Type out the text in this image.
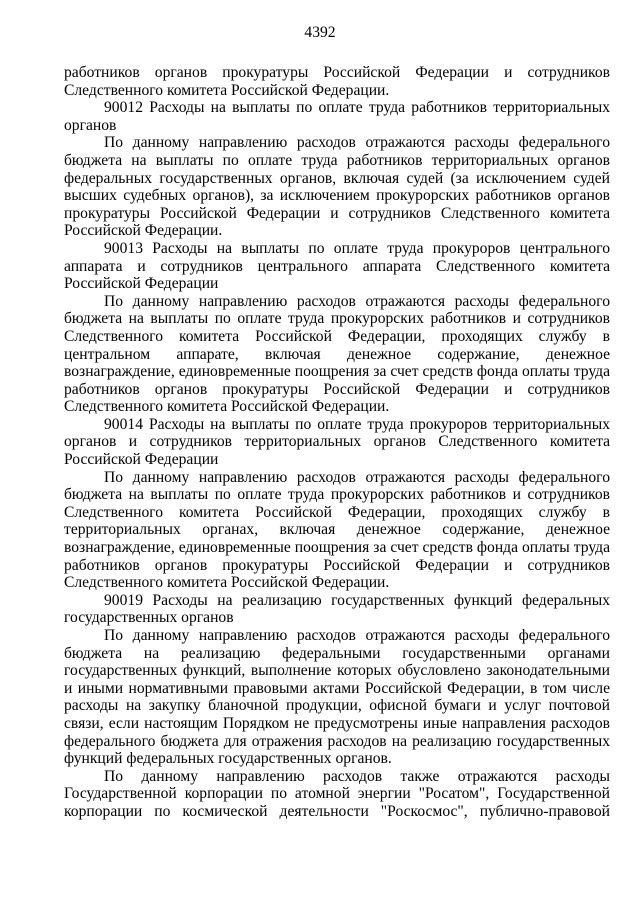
4392

работников органов прокуратуры Российской Федерации и сотрудников Следственного комитета Российской Федерации.

90012 Расходы на выплаты по оплате труда работников территориальных органов

По данному направлению расходов отражаются расходы федерального бюджета на выплаты по оплате труда работников территориальных органов федеральных государственных органов, включая судей (за исключением судей высших судебных органов), за исключением прокурорских работников органов прокуратуры Российской Федерации и сотрудников Следственного комитета Российской Федерации.

90013 Расходы на выплаты по оплате труда прокуроров центрального аппарата и сотрудников центрального аппарата Следственного комитета Российской Федерации

По данному направлению расходов отражаются расходы федерального бюджета на выплаты по оплате труда прокурорских работников и сотрудников Следственного комитета Российской Федерации, проходящих службу в центральном аппарате, включая денежное содержание, денежное вознаграждение, единовременные поощрения за счет средств фонда оплаты труда работников органов прокуратуры Российской Федерации и сотрудников Следственного комитета Российской Федерации.

90014 Расходы на выплаты по оплате труда прокуроров территориальных органов и сотрудников территориальных органов Следственного комитета Российской Федерации

По данному направлению расходов отражаются расходы федерального бюджета на выплаты по оплате труда прокурорских работников и сотрудников Следственного комитета Российской Федерации, проходящих службу в территориальных органах, включая денежное содержание, денежное вознаграждение, единовременные поощрения за счет средств фонда оплаты труда работников органов прокуратуры Российской Федерации и сотрудников Следственного комитета Российской Федерации.

90019 Расходы на реализацию государственных функций федеральных государственных органов

По данному направлению расходов отражаются расходы федерального бюджета на реализацию федеральными государственными органами государственных функций, выполнение которых обусловлено законодательными и иными нормативными правовыми актами Российской Федерации, в том числе расходы на закупку бланочной продукции, офисной бумаги и услуг почтовой связи, если настоящим Порядком не предусмотрены иные направления расходов федерального бюджета для отражения расходов на реализацию государственных функций федеральных государственных органов.

По данному направлению расходов также отражаются расходы Государственной корпорации по атомной энергии "Росатом", Государственной корпорации по космической деятельности "Роскосмос", публично-правовой
